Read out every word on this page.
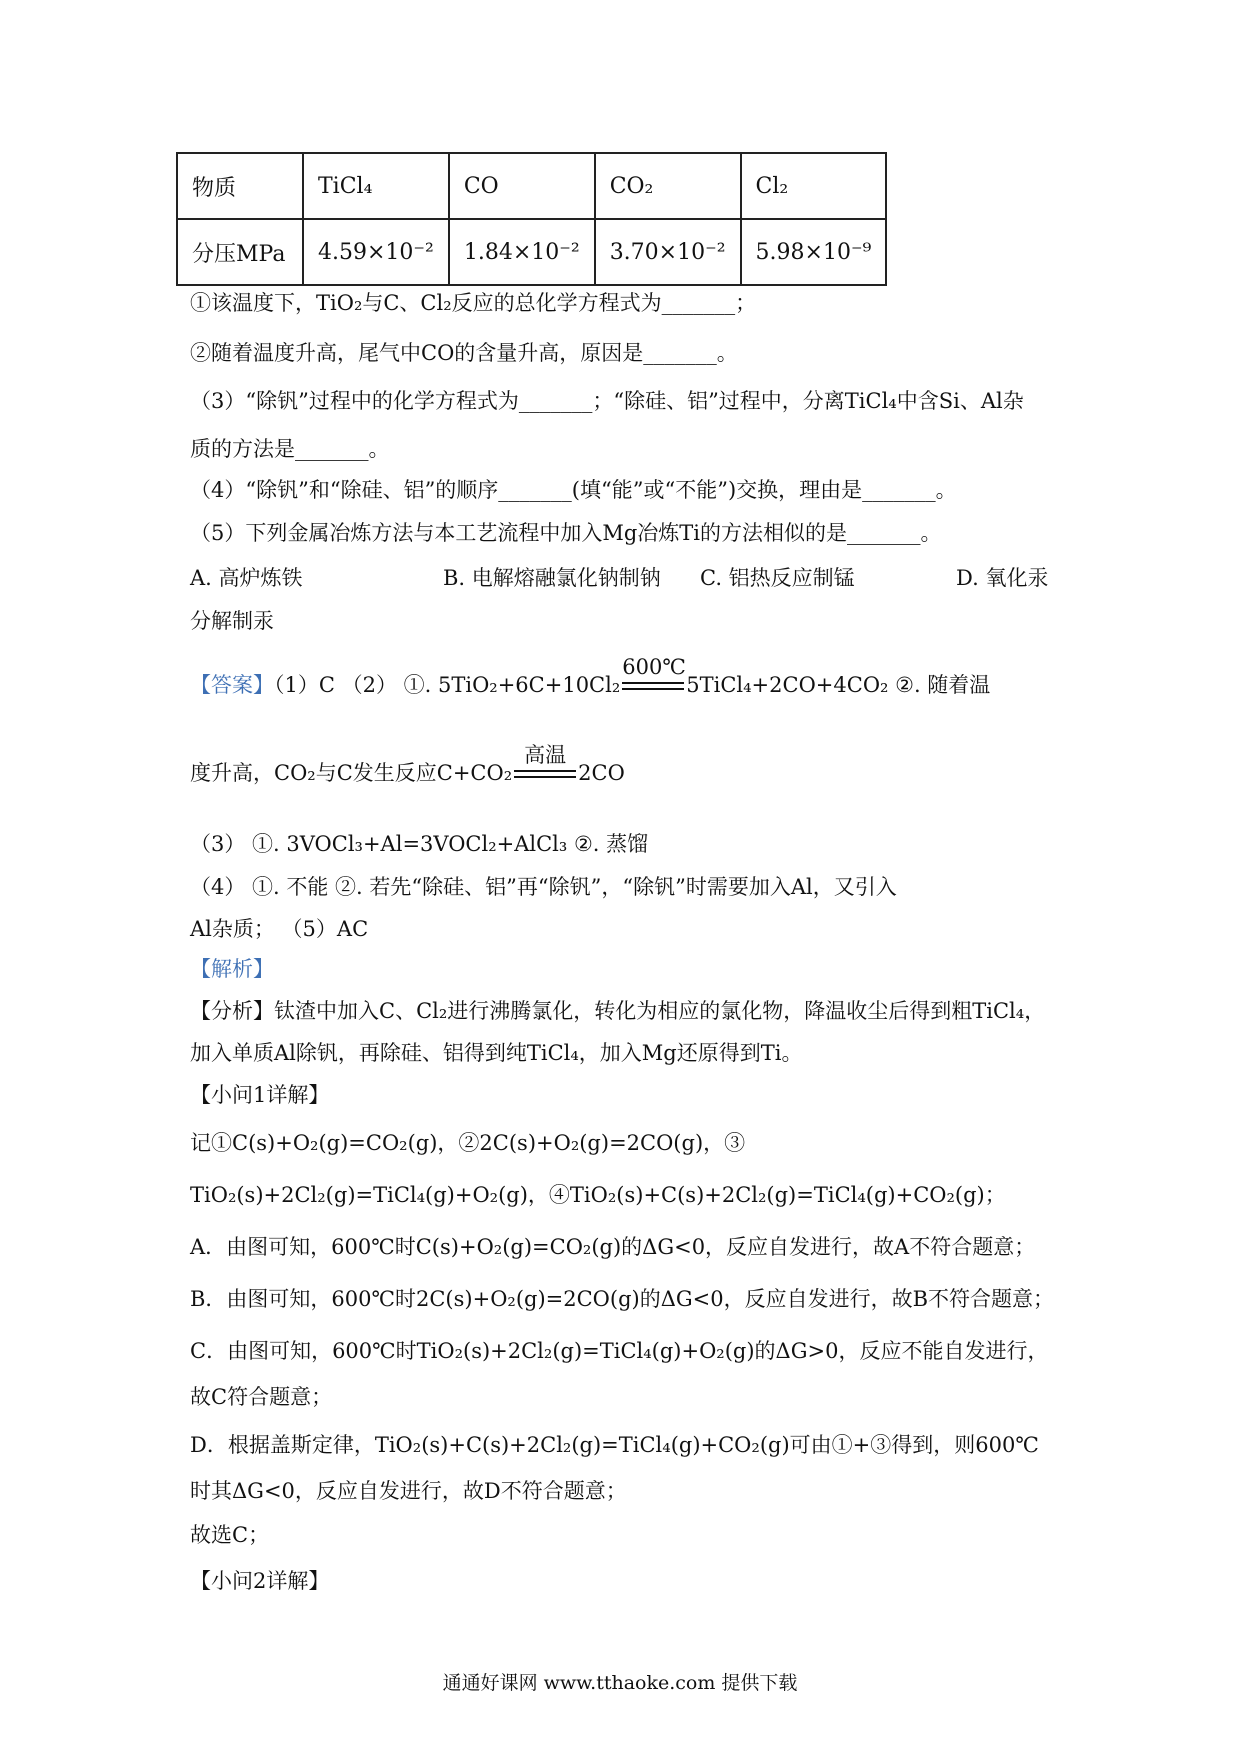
物质	TiCl₄	CO	CO₂	Cl₂
分压MPa	4.59×10⁻²	1.84×10⁻²	3.70×10⁻²	5.98×10⁻⁹
①该温度下，TiO₂与C、Cl₂反应的总化学方程式为_______；
②随着温度升高，尾气中CO的含量升高，原因是_______。
（3）“除钒”过程中的化学方程式为_______；“除硅、铝”过程中，分离TiCl₄中含Si、Al杂
质的方法是_______。
（4）“除钒”和“除硅、铝”的顺序_______(填“能”或“不能”)交换，理由是_______。
（5）下列金属冶炼方法与本工艺流程中加入Mg冶炼Ti的方法相似的是_______。
A. 高炉炼铁	B. 电解熔融氯化钠制钠 C. 铝热反应制锰	D. 氧化汞
分解制汞
【答案】（1）C （2） ①. 5TiO₂+6C+10Cl₂
600℃
5TiCl₄+2CO+4CO₂ ②. 随着温
度升高，CO₂与C发生反应C+CO₂
高温
2CO
（3） ①. 3VOCl₃+Al=3VOCl₂+AlCl₃ ②. 蒸馏
（4） ①. 不能 ②. 若先“除硅、铝”再“除钒”，“除钒”时需要加入Al，又引入
Al杂质； （5）AC
【解析】
【分析】钛渣中加入C、Cl₂进行沸腾氯化，转化为相应的氯化物，降温收尘后得到粗TiCl₄，
加入单质Al除钒，再除硅、铝得到纯TiCl₄，加入Mg还原得到Ti。
【小问1详解】
记①C(s)+O₂(g)=CO₂(g)，②2C(s)+O₂(g)=2CO(g)，③
TiO₂(s)+2Cl₂(g)=TiCl₄(g)+O₂(g)，④TiO₂(s)+C(s)+2Cl₂(g)=TiCl₄(g)+CO₂(g)；
A．由图可知，600℃时C(s)+O₂(g)=CO₂(g)的ΔG<0，反应自发进行，故A不符合题意；
B．由图可知，600℃时2C(s)+O₂(g)=2CO(g)的ΔG<0，反应自发进行，故B不符合题意；
C．由图可知，600℃时TiO₂(s)+2Cl₂(g)=TiCl₄(g)+O₂(g)的ΔG>0，反应不能自发进行，
故C符合题意；
D．根据盖斯定律，TiO₂(s)+C(s)+2Cl₂(g)=TiCl₄(g)+CO₂(g)可由①+③得到，则600℃
时其ΔG<0，反应自发进行，故D不符合题意；
故选C；
【小问2详解】
通通好课网 www.tthaoke.com 提供下载
